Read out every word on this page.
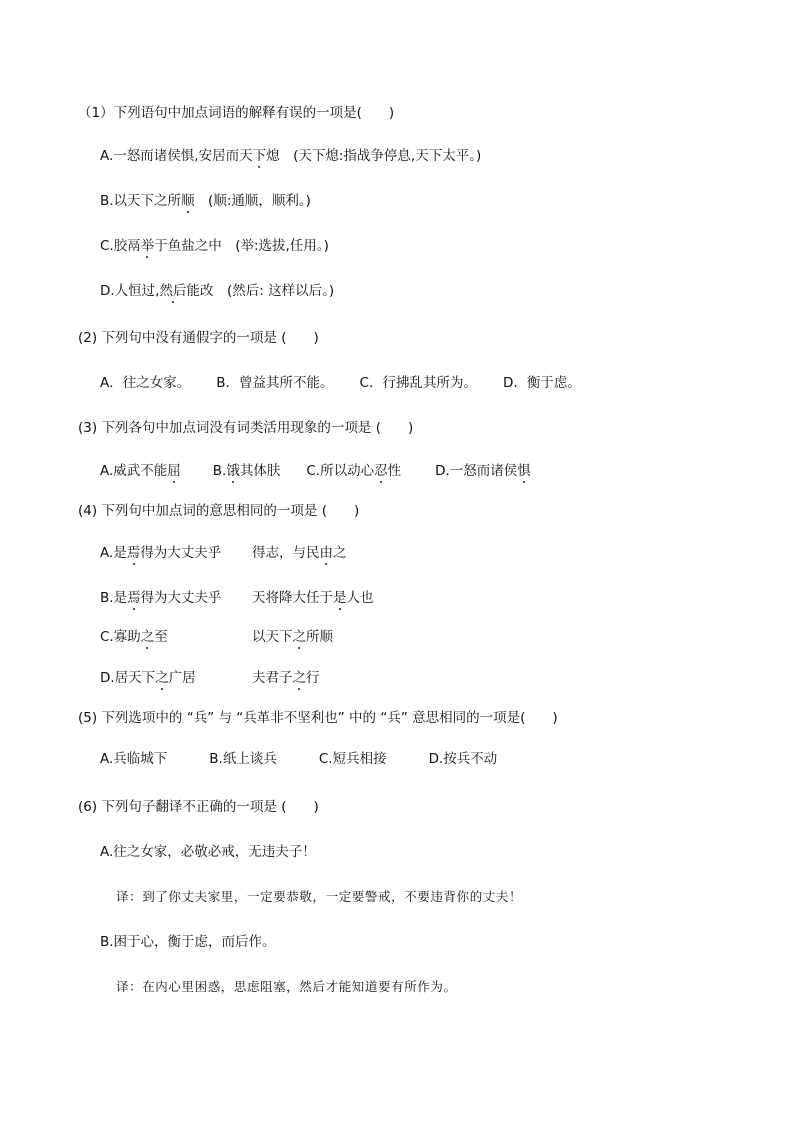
（1）下列语句中加点词语的解释有误的一项是(　　)
A.一怒而诸侯惧,安居而天下熄　(天下熄:指战争停息,天下太平。)
B.以天下之所顺　(顺:通顺，顺利。)
C.胶鬲举于鱼盐之中　(举:选拔,任用。)
D.人恒过,然后能改　(然后: 这样以后。)
(2) 下列句中没有通假字的一项是 (　　)
A．往之女家。 B．曾益其所不能。 C．行拂乱其所为。 D．衡于虑。
(3) 下列各句中加点词没有词类活用现象的一项是 (　　)
A.威武不能屈 B.饿其体肤 C.所以动心忍性	D.一怒而诸侯惧
(4) 下列句中加点词的意思相同的一项是 (　　)
A.是焉得为大丈夫乎 得志，与民由之
B.是焉得为大丈夫乎 天将降大任于是人也
C.寡助之至	以天下之所顺
D.居天下之广居	夫君子之行
(5) 下列选项中的 “兵” 与 “兵革非不坚利也” 中的 “兵” 意思相同的一项是(　　)
A.兵临城下	B.纸上谈兵	C.短兵相接	D.按兵不动
(6) 下列句子翻译不正确的一项是 (　　)
A.往之女家，必敬必戒，无违夫子！
译：到了你丈夫家里，一定要恭敬，一定要警戒，不要违背你的丈夫！
B.困于心，衡于虑，而后作。
译：在内心里困惑，思虑阻塞，然后才能知道要有所作为。
